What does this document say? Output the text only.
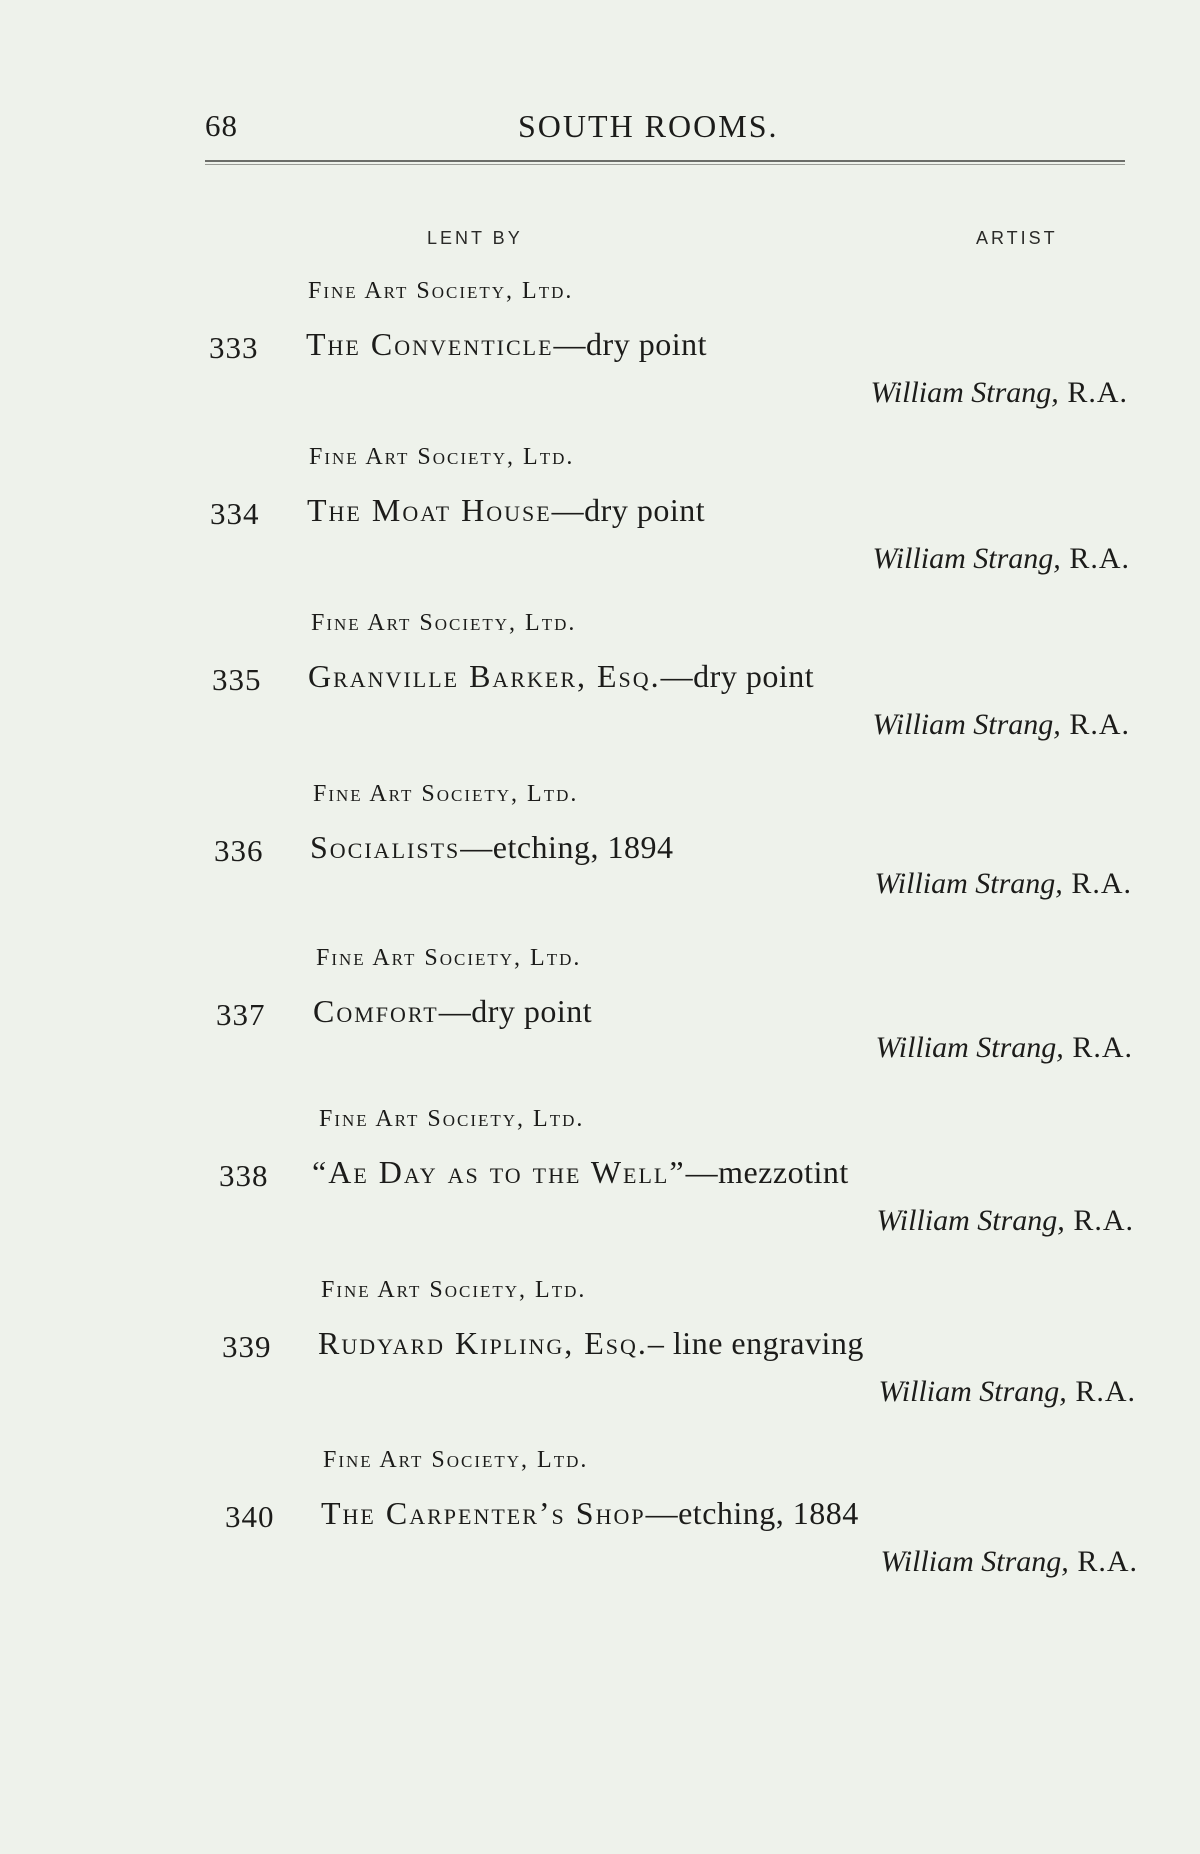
68	SOUTH ROOMS.
LENT BY	ARTIST
Fine Art Society, Ltd.
333 The Conventicle—dry point
William Strang, R.A.
Fine Art Society, Ltd.
334 The Moat House—dry point
William Strang, R.A.
Fine Art Society, Ltd.
335 Granville Barker, Esq.—dry point
William Strang, R.A.
Fine Art Society, Ltd.
336 Socialists—etching, 1894
William Strang, R.A.
Fine Art Society, Ltd.
337 Comfort—dry point
William Strang, R.A.
Fine Art Society, Ltd.
338 “Ae Day as to the Well”—mezzotint
William Strang, R.A.
Fine Art Society, Ltd.
339 Rudyard Kipling, Esq.– line engraving
William Strang, R.A.
Fine Art Society, Ltd.
340 The Carpenter’s Shop—etching, 1884
William Strang, R.A.
